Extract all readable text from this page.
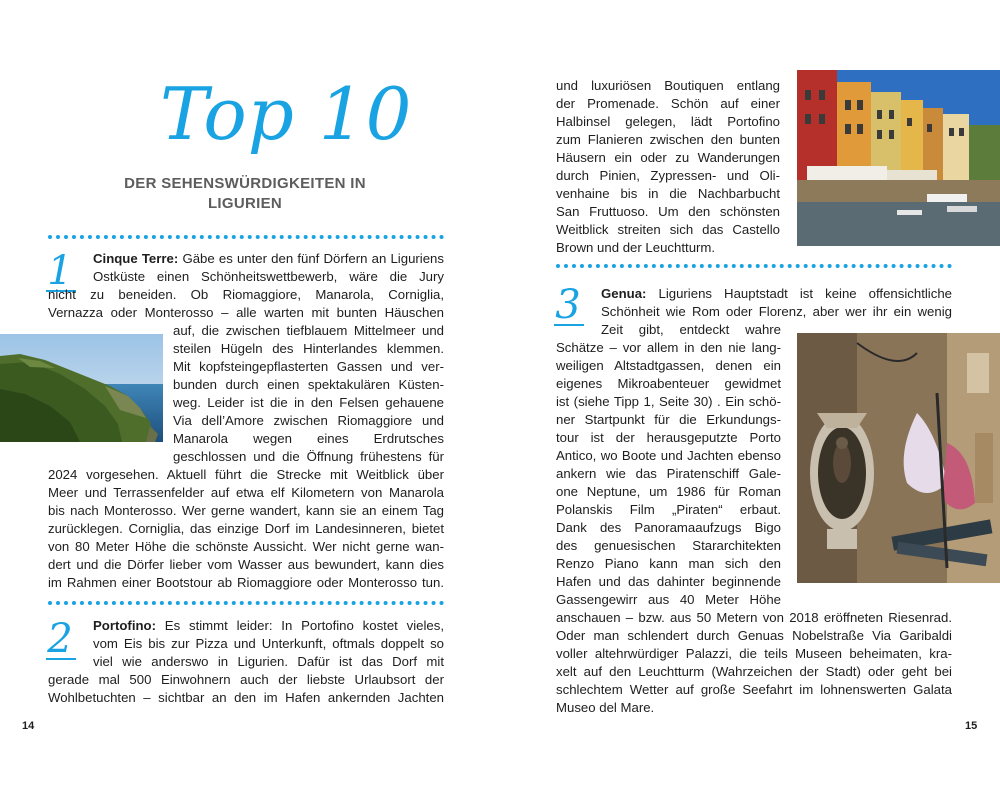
Top 10
DER SEHENSWÜRDIGKEITEN IN
LIGURIEN
1	Cinque Terre: Gäbe es unter den fünf Dörfern an Liguriens
Ostküste einen Schönheitswettbewerb, wäre die Jury
nicht zu beneiden. Ob Riomaggiore, Manarola, Corniglia,
Vernazza oder Monterosso – alle warten mit bunten Häuschen
auf, die zwischen tiefblauem Mittelmeer und
steilen Hügeln des Hinterlandes klemmen.
Mit kopfsteingepflasterten Gassen und ver-
bunden durch einen spektakulären Küsten-
weg. Leider ist die in den Felsen gehauene
Via dell’Amore zwischen Riomaggiore und
Manarola wegen eines Erdrutsches
geschlossen und die Öffnung frühestens für
2024 vorgesehen. Aktuell führt die Strecke mit Weitblick über
Meer und Terrassenfelder auf etwa elf Kilometern von Manarola
bis nach Monterosso. Wer gerne wandert, kann sie an einem Tag
zurücklegen. Corniglia, das einzige Dorf im Landesinneren, bietet
von 80 Meter Höhe die schönste Aussicht. Wer nicht gerne wan-
dert und die Dörfer lieber vom Wasser aus bewundert, kann dies
im Rahmen einer Bootstour ab Riomaggiore oder Monterosso tun.
2	Portofino: Es stimmt leider: In Portofino kostet vieles,
vom Eis bis zur Pizza und Unterkunft, oftmals doppelt so
viel wie anderswo in Ligurien. Dafür ist das Dorf mit
gerade mal 500 Einwohnern auch der liebste Urlaubsort der
Wohlbetuchten – sichtbar an den im Hafen ankernden Jachten
14
und luxuriösen Boutiquen entlang
der Promenade. Schön auf einer
Halbinsel gelegen, lädt Portofino
zum Flanieren zwischen den bunten
Häusern ein oder zu Wanderungen
durch Pinien, Zypressen- und Oli-
venhaine bis in die Nachbarbucht
San Fruttuoso. Um den schönsten
Weitblick streiten sich das Castello
Brown und der Leuchtturm.
3	Genua: Liguriens Hauptstadt ist keine offensichtliche
Schönheit wie Rom oder Florenz, aber wer ihr ein wenig
Zeit gibt, entdeckt wahre
Schätze – vor allem in den nie lang-
weiligen Altstadtgassen, denen ein
eigenes Mikroabenteuer gewidmet
ist (siehe Tipp 1, Seite 30) . Ein schö-
ner Startpunkt für die Erkundungs-
tour ist der herausgeputzte Porto
Antico, wo Boote und Jachten ebenso
ankern wie das Piratenschiff Gale-
one Neptune, um 1986 für Roman
Polanskis Film „Piraten“ erbaut.
Dank des Panoramaaufzugs Bigo
des genuesischen Stararchitekten
Renzo Piano kann man sich den
Hafen und das dahinter beginnende
Gassengewirr aus 40 Meter Höhe
anschauen – bzw. aus 50 Metern von 2018 eröffneten Riesenrad.
Oder man schlendert durch Genuas Nobelstraße Via Garibaldi
voller altehrwürdiger Palazzi, die teils Museen beheimaten, kra-
xelt auf den Leuchtturm (Wahrzeichen der Stadt) oder geht bei
schlechtem Wetter auf große Seefahrt im lohnenswerten Galata
Museo del Mare.
15
